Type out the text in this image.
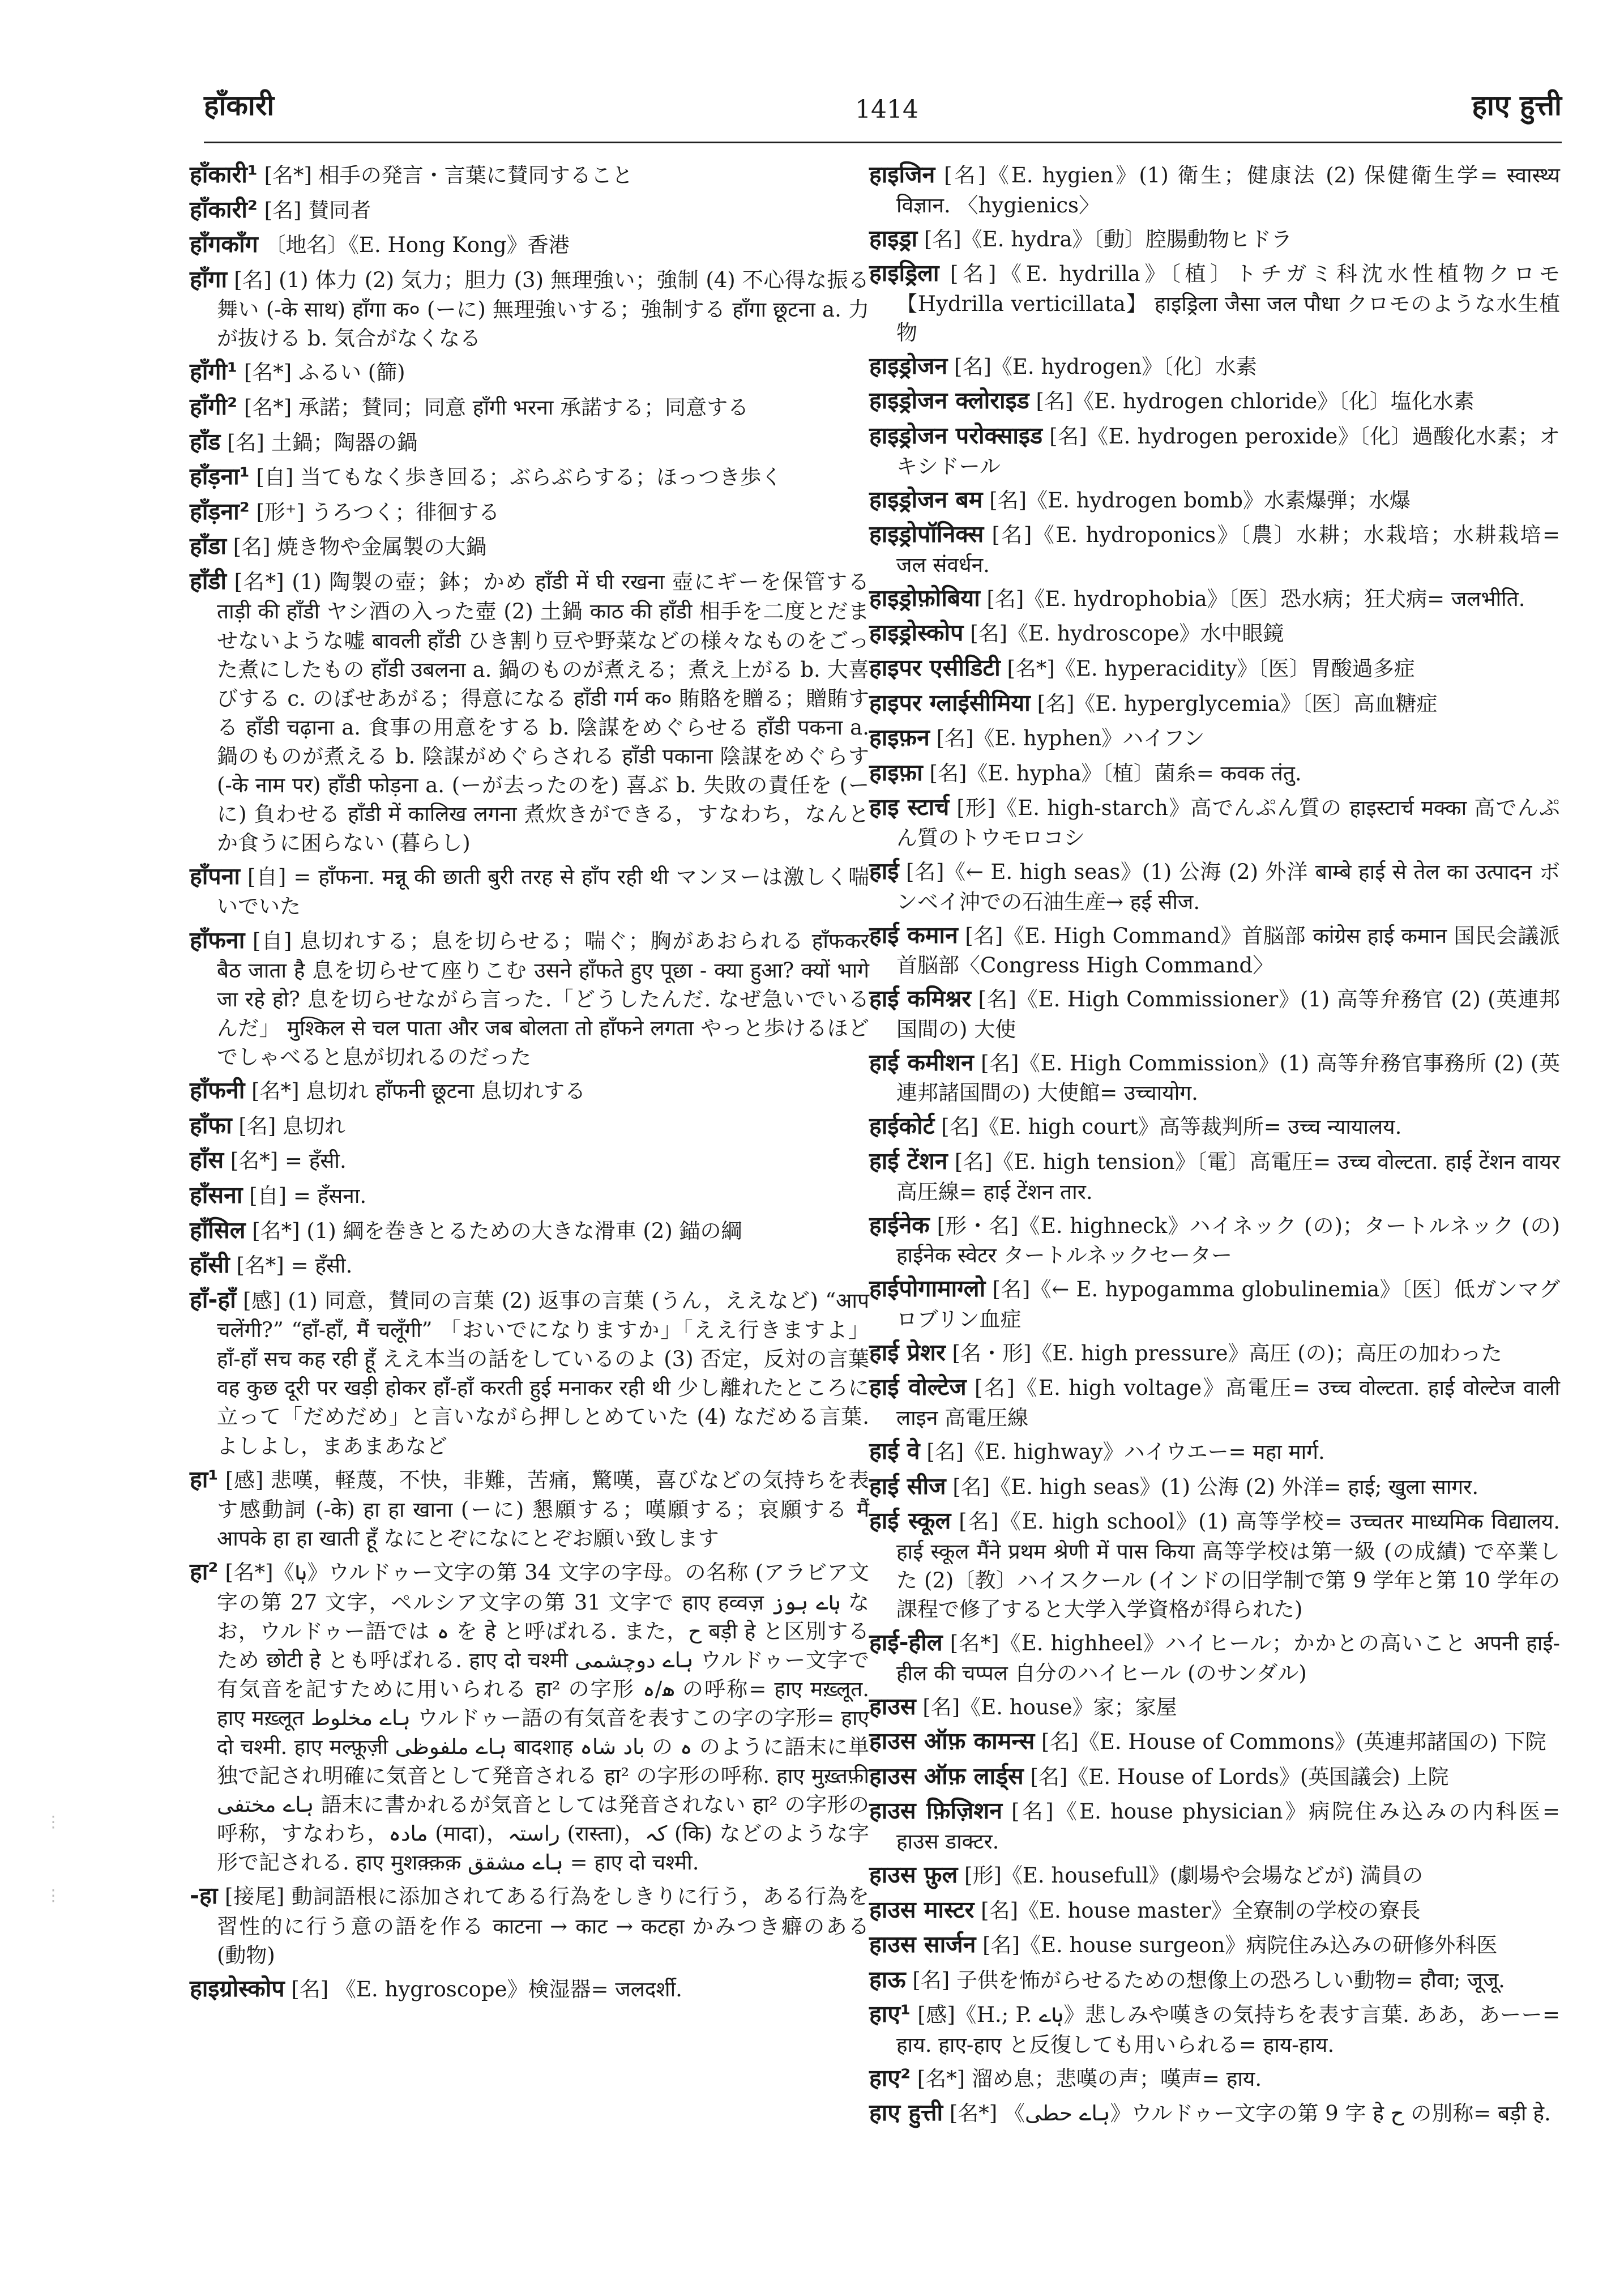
हाँकारी	1414	हाए हुत्ती
⋮
⋮
हाँकारी¹ [名*] 相手の発言・言葉に賛同すること
हाँकारी² [名] 賛同者
हाँगकाँग 〔地名〕《E. Hong Kong》香港
हाँगा [名] (1) 体力 (2) 気力；胆力 (3) 無理強い；強制 (4) 不心得な振る舞い (-के साथ) हाँगा क० (ーに) 無理強いする；強制する हाँगा छूटना a. 力が抜ける b. 気合がなくなる
हाँगी¹ [名*] ふるい (篩)
हाँगी² [名*] 承諾；賛同；同意 हाँगी भरना 承諾する；同意する
हाँड [名] 土鍋；陶器の鍋
हाँड़ना¹ [自] 当てもなく歩き回る；ぶらぶらする；ほっつき歩く
हाँड़ना² [形⁺] うろつく；徘徊する
हाँडा [名] 焼き物や金属製の大鍋
हाँडी [名*] (1) 陶製の壺；鉢；かめ हाँडी में घी रखना 壺にギーを保管する ताड़ी की हाँडी ヤシ酒の入った壺 (2) 土鍋 काठ की हाँडी 相手を二度とだませないような嘘 बावली हाँडी ひき割り豆や野菜などの様々なものをごった煮にしたもの हाँडी उबलना a. 鍋のものが煮える；煮え上がる b. 大喜びする c. のぼせあがる；得意になる हाँडी गर्म क० 賄賂を贈る；贈賄する हाँडी चढ़ाना a. 食事の用意をする b. 陰謀をめぐらせる हाँडी पकना a. 鍋のものが煮える b. 陰謀がめぐらされる हाँडी पकाना 陰謀をめぐらす (-के नाम पर) हाँडी फोड़ना a. (ーが去ったのを) 喜ぶ b. 失敗の責任を (ーに) 負わせる हाँडी में कालिख लगना 煮炊きができる，すなわち，なんとか食うに困らない (暮らし)
हाँपना [自] = हाँफना. मन्नू की छाती बुरी तरह से हाँप रही थी マンヌーは激しく喘いでいた
हाँफना [自] 息切れする；息を切らせる；喘ぐ；胸があおられる हाँफकर बैठ जाता है 息を切らせて座りこむ उसने हाँफते हुए पूछा - क्या हुआ? क्यों भागे जा रहे हो? 息を切らせながら言った.「どうしたんだ. なぜ急いでいるんだ」 मुश्किल से चल पाता और जब बोलता तो हाँफने लगता やっと歩けるほどでしゃべると息が切れるのだった
हाँफनी [名*] 息切れ हाँफनी छूटना 息切れする
हाँफा [名] 息切れ
हाँस [名*] = हँसी.
हाँसना [自] = हँसना.
हाँसिल [名*] (1) 綱を巻きとるための大きな滑車 (2) 錨の綱
हाँसी [名*] = हँसी.
हाँ-हाँ [感] (1) 同意，賛同の言葉 (2) 返事の言葉 (うん，ええなど) “आप चलेंगी?” “हाँ-हाँ, मैं चलूँगी” 「おいでになりますか」「ええ行きますよ」 हाँ-हाँ सच कह रही हूँ ええ本当の話をしているのよ (3) 否定，反対の言葉 वह कुछ दूरी पर खड़ी होकर हाँ-हाँ करती हुई मनाकर रही थी 少し離れたところに立って「だめだめ」と言いながら押しとめていた (4) なだめる言葉. よしよし，まあまあなど
हा¹ [感] 悲嘆，軽蔑，不快，非難，苦痛，驚嘆，喜びなどの気持ちを表す感動詞 (-के) हा हा खाना (ーに) 懇願する；嘆願する；哀願する मैं आपके हा हा खाती हूँ なにとぞになにとぞお願い致します
हा² [名*]《ہا》ウルドゥー文字の第 34 文字の字母。の名称 (アラビア文字の第 27 文字，ペルシア文字の第 31 文字で हाए हव्वज़ ہاے ہوز なお，ウルドゥー語では ہ を हे と呼ばれる. また，ح बड़ी हे と区別するため छोटी हे とも呼ばれる. हाए दो चश्मी ہاے دوچشمی ウルドゥー文字で有気音を記すために用いられる हा² の字形 ھ/ہ の呼称= हाए मख़्लूत. हाए मख़्लूत ہاے مخلوط ウルドゥー語の有気音を表すこの字の字形= हाए दो चश्मी. हाए मल्फ़ूज़ी ہاے ملفوظی बादशाह باد شاہ の ہ のように語末に単独で記され明確に気音として発音される हा² の字形の呼称. हाए मुख़्तफ़ी ہاے مختفی 語末に書かれるが気音としては発音されない हा² の字形の呼称，すなわち，مادہ (मादा)，راستہ (रास्ता)，کہ (कि) などのような字形で記される. हाए मुशक़्क़क़ ہاے مشقق = हाए दो चश्मी.
-हा [接尾] 動詞語根に添加されてある行為をしきりに行う，ある行為を習性的に行う意の語を作る काटना → काट → कटहा かみつき癖のある (動物)
हाइग्रोस्कोप [名] 《E. hygroscope》検湿器= जलदर्शी.
हाइजिन [名]《E. hygien》(1) 衛生；健康法 (2) 保健衛生学= स्वास्थ्य विज्ञान. 〈hygienics〉
हाइड्रा [名]《E. hydra》〔動〕腔腸動物ヒドラ
हाइड्रिला [名]《E. hydrilla》〔植〕トチガミ科沈水性植物クロモ【Hydrilla verticillata】 हाइड्रिला जैसा जल पौधा クロモのような水生植物
हाइड्रोजन [名]《E. hydrogen》〔化〕水素
हाइड्रोजन क्लोराइड [名]《E. hydrogen chloride》〔化〕塩化水素
हाइड्रोजन परोक्साइड [名]《E. hydrogen peroxide》〔化〕過酸化水素；オキシドール
हाइड्रोजन बम [名]《E. hydrogen bomb》水素爆弾；水爆
हाइड्रोपॉनिक्स [名]《E. hydroponics》〔農〕水耕；水栽培；水耕栽培= जल संवर्धन.
हाइड्रोफ़ोबिया [名]《E. hydrophobia》〔医〕恐水病；狂犬病= जलभीति.
हाइड्रोस्कोप [名]《E. hydroscope》水中眼鏡
हाइपर एसीडिटी [名*]《E. hyperacidity》〔医〕胃酸過多症
हाइपर ग्लाईसीमिया [名]《E. hyperglycemia》〔医〕高血糖症
हाइफ़न [名]《E. hyphen》ハイフン
हाइफ़ा [名]《E. hypha》〔植〕菌糸= कवक तंतु.
हाइ स्टार्च [形]《E. high-starch》高でんぷん質の हाइस्टार्च मक्का 高でんぷん質のトウモロコシ
हाई [名]《← E. high seas》(1) 公海 (2) 外洋 बाम्बे हाई से तेल का उत्पादन ボンベイ沖での石油生産→ हई सीज.
हाई कमान [名]《E. High Command》首脳部 कांग्रेस हाई कमान 国民会議派首脳部〈Congress High Command〉
हाई कमिश्नर [名]《E. High Commissioner》(1) 高等弁務官 (2) (英連邦国間の) 大使
हाई कमीशन [名]《E. High Commission》(1) 高等弁務官事務所 (2) (英連邦諸国間の) 大使館= उच्चायोग.
हाईकोर्ट [名]《E. high court》高等裁判所= उच्च न्यायालय.
हाई टेंशन [名]《E. high tension》〔電〕高電圧= उच्च वोल्टता. हाई टेंशन वायर 高圧線= हाई टेंशन तार.
हाईनेक [形・名]《E. highneck》ハイネック (の)；タートルネック (の) हाईनेक स्वेटर タートルネックセーター
हाईपोगामाग्लो [名]《← E. hypogamma globulinemia》〔医〕低ガンマグロブリン血症
हाई प्रेशर [名・形]《E. high pressure》高圧 (の)；高圧の加わった
हाई वोल्टेज [名]《E. high voltage》高電圧= उच्च वोल्टता. हाई वोल्टेज वाली लाइन 高電圧線
हाई वे [名]《E. highway》ハイウエー= महा मार्ग.
हाई सीज [名]《E. high seas》(1) 公海 (2) 外洋= हाई; खुला सागर.
हाई स्कूल [名]《E. high school》(1) 高等学校= उच्चतर माध्यमिक विद्यालय. हाई स्कूल मैंने प्रथम श्रेणी में पास किया 高等学校は第一級 (の成績) で卒業した (2)〔教〕ハイスクール (インドの旧学制で第 9 学年と第 10 学年の課程で修了すると大学入学資格が得られた)
हाई-हील [名*]《E. highheel》ハイヒール；かかとの高いこと अपनी हाई-हील की चप्पल 自分のハイヒール (のサンダル)
हाउस [名]《E. house》家；家屋
हाउस ऑफ़ कामन्स [名]《E. House of Commons》(英連邦諸国の) 下院
हाउस ऑफ़ लार्ड्स [名]《E. House of Lords》(英国議会) 上院
हाउस फ़िज़िशन [名]《E. house physician》病院住み込みの内科医= हाउस डाक्टर.
हाउस फ़ुल [形]《E. housefull》(劇場や会場などが) 満員の
हाउस मास्टर [名]《E. house master》全寮制の学校の寮長
हाउस सार्जन [名]《E. house surgeon》病院住み込みの研修外科医
हाऊ [名] 子供を怖がらせるための想像上の恐ろしい動物= हौवा; जूजू.
हाए¹ [感]《H.; P. ہاے》悲しみや嘆きの気持ちを表す言葉. ああ，あーー= हाय. हाए-हाए と反復しても用いられる= हाय-हाय.
हाए² [名*] 溜め息；悲嘆の声；嘆声= हाय.
हाए हुत्ती [名*] 《ہاے حطی》ウルドゥー文字の第 9 字 हे ح の別称= बड़ी हे.
